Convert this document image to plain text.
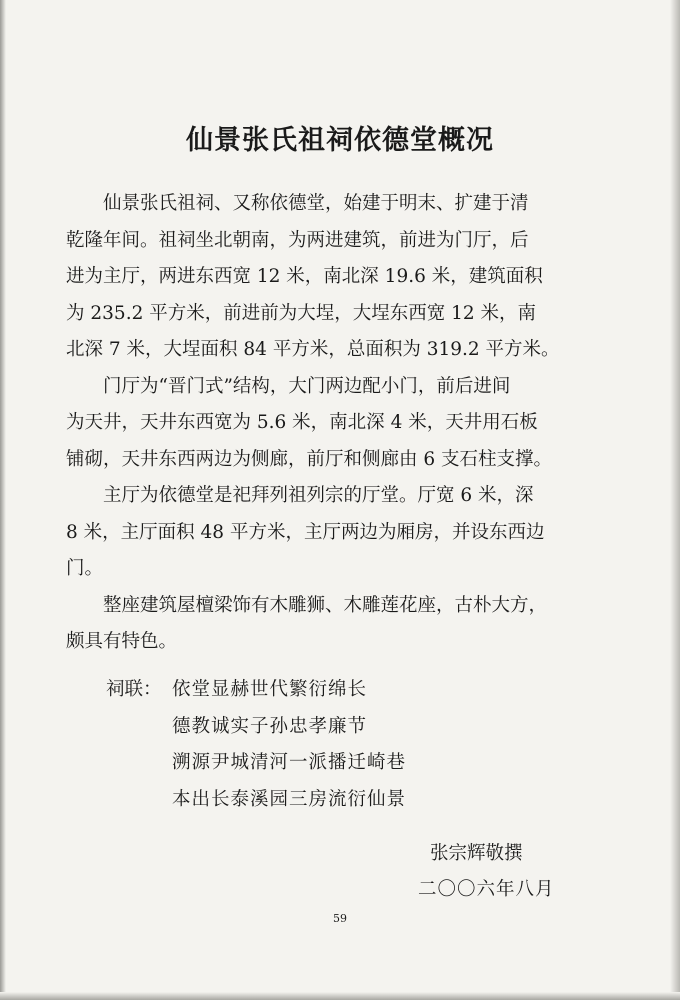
仙景张氏祖祠依德堂概况

仙景张氏祖祠、又称依德堂，始建于明末、扩建于清
乾隆年间。祖祠坐北朝南，为两进建筑，前进为门厅，后
进为主厅，两进东西宽 12 米，南北深 19.6 米，建筑面积
为 235.2 平方米，前进前为大埕，大埕东西宽 12 米，南
北深 7 米，大埕面积 84 平方米，总面积为 319.2 平方米。

门厅为“晋门式”结构，大门两边配小门，前后进间
为天井，天井东西宽为 5.6 米，南北深 4 米，天井用石板
铺砌，天井东西两边为侧廊，前厅和侧廊由 6 支石柱支撑。

主厅为依德堂是祀拜列祖列宗的厅堂。厅宽 6 米，深
8 米，主厅面积 48 平方米，主厅两边为厢房，并设东西边
门。

整座建筑屋檀梁饰有木雕狮、木雕莲花座，古朴大方，
颇具有特色。

祠联： 依堂显赫世代繁衍绵长
德教诚实子孙忠孝廉节
溯源尹城清河一派播迁崎巷
本出长泰溪园三房流衍仙景
张宗辉敬撰
二〇〇六年八月
59
